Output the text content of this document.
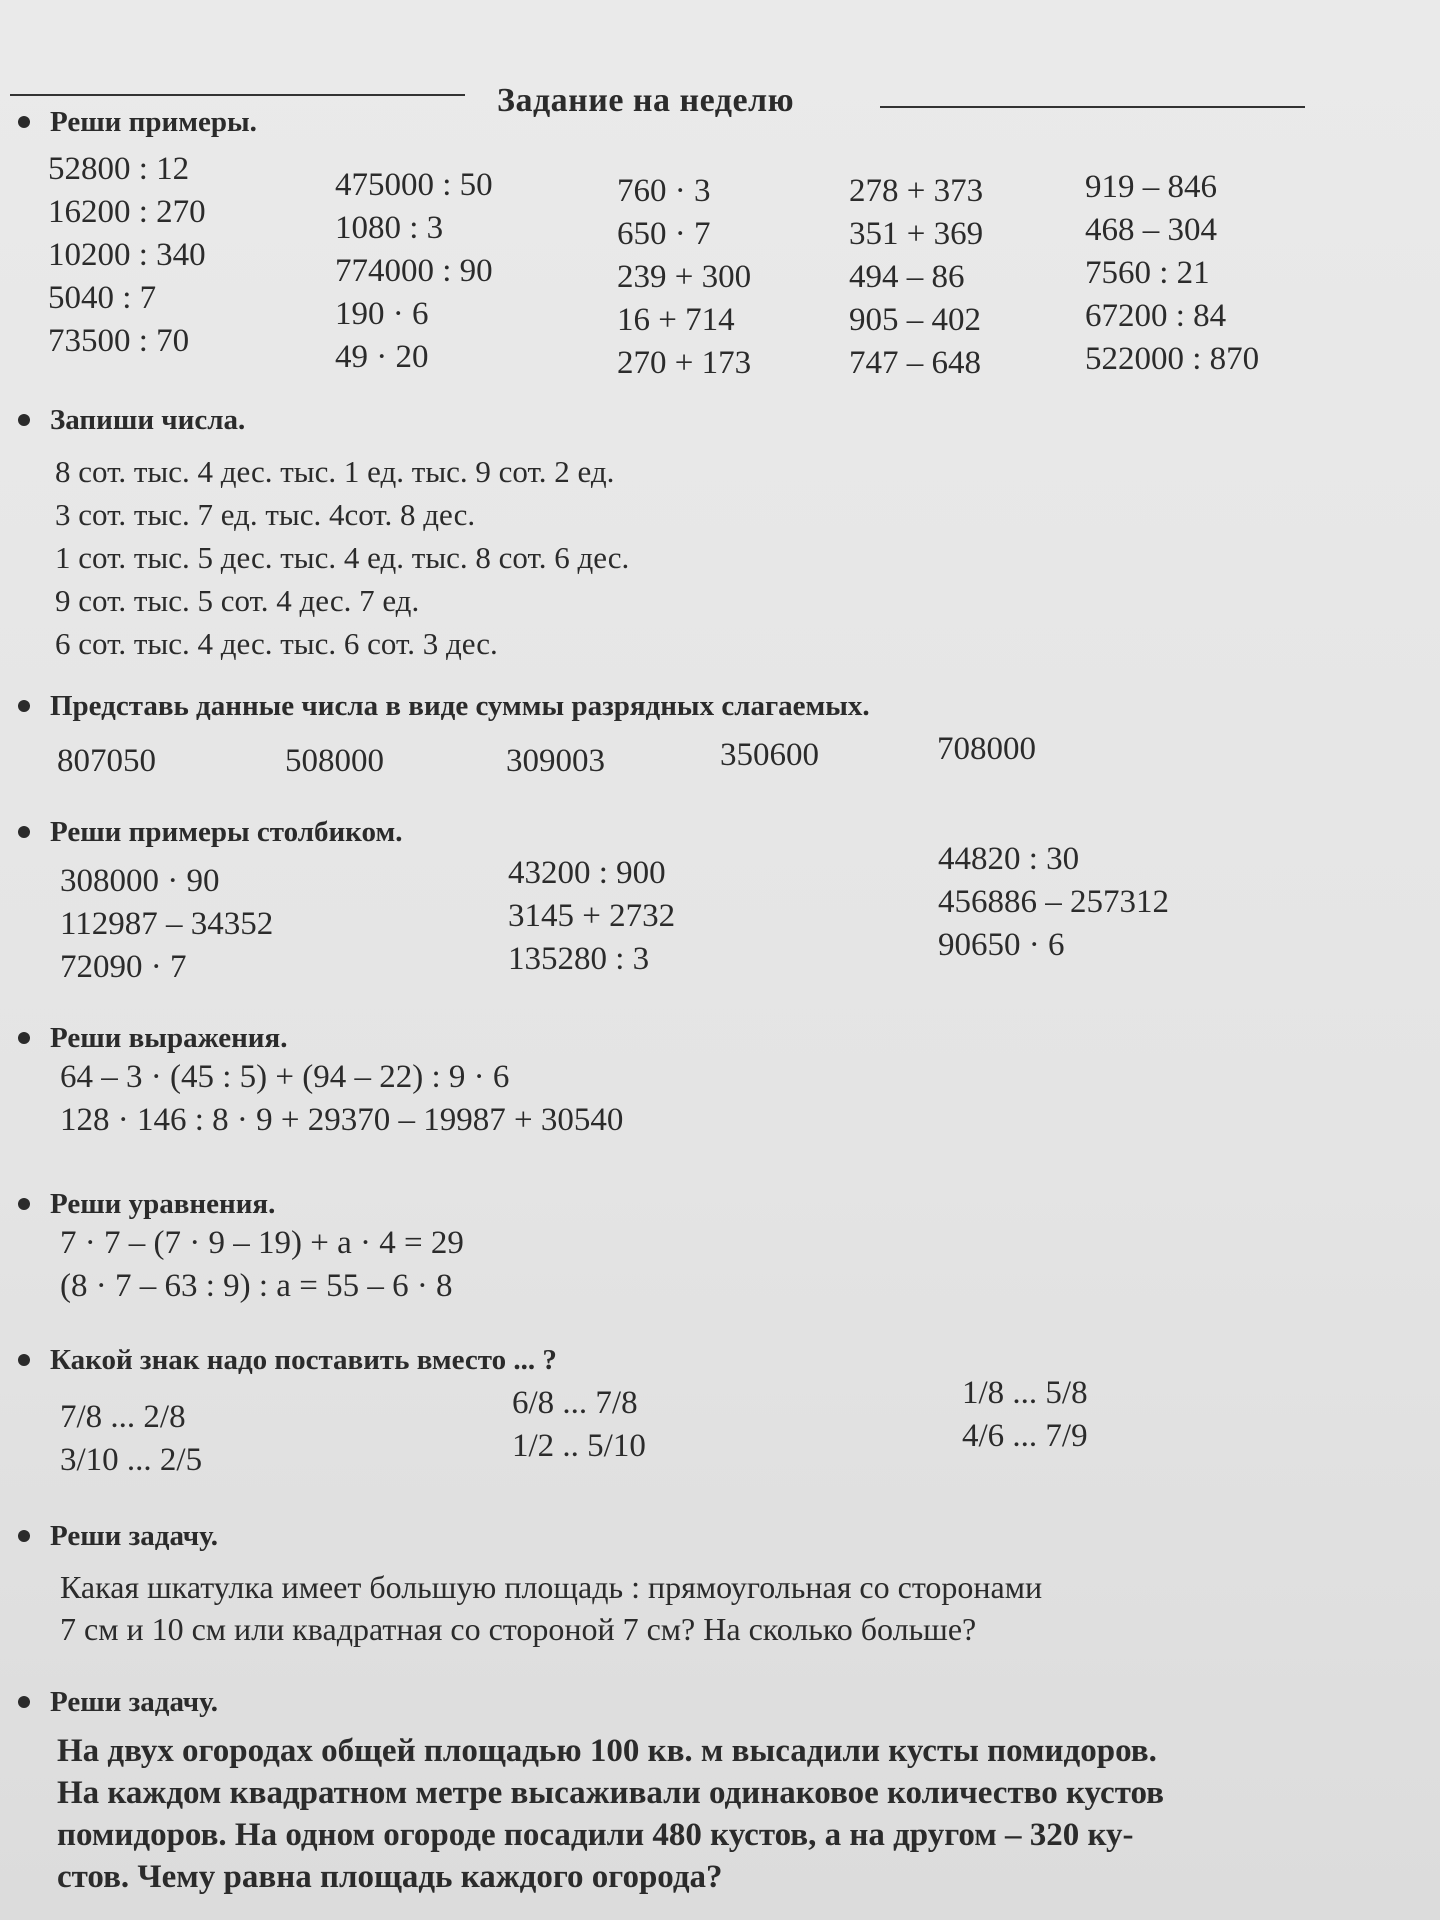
Задание на неделю
Реши примеры.
52800 : 12
16200 : 270
10200 : 340
5040 : 7
73500 : 70
475000 : 50
1080 : 3
774000 : 90
190 · 6
49 · 20
760 · 3
650 · 7
239 + 300
16 + 714
270 + 173
278 + 373
351 + 369
494 – 86
905 – 402
747 – 648
919 – 846
468 – 304
7560 : 21
67200 : 84
522000 : 870
Запиши числа.
8 сот. тыс. 4 дес. тыс. 1 ед. тыс. 9 сот. 2 ед.
3 сот. тыс. 7 ед. тыс. 4сот. 8 дес.
1 сот. тыс. 5 дес. тыс. 4 ед. тыс. 8 сот. 6 дес.
9 сот. тыс. 5 сот. 4 дес. 7 ед.
6 сот. тыс. 4 дес. тыс. 6 сот. 3 дес.
Представь данные числа в виде суммы разрядных слагаемых.
807050	508000	309003	350600	708000
Реши примеры столбиком.
308000 · 90
112987 – 34352
72090 · 7
43200 : 900
3145 + 2732
135280 : 3
44820 : 30
456886 – 257312
90650 · 6
Реши выражения.
64 – 3 · (45 : 5) + (94 – 22) : 9 · 6
128 · 146 : 8 · 9 + 29370 – 19987 + 30540
Реши уравнения.
7 · 7 – (7 · 9 – 19) + а · 4 = 29
(8 · 7 – 63 : 9) : а = 55 – 6 · 8
Какой знак надо поставить вместо ... ?
7/8 ... 2/8
3/10 ... 2/5
6/8 ... 7/8
1/2 .. 5/10
1/8 ... 5/8
4/6 ... 7/9
Реши задачу.
Какая шкатулка имеет большую площадь : прямоугольная со сторонами
7 см и 10 см или квадратная со стороной 7 см? На сколько больше?
Реши задачу.
На двух огородах общей площадью 100 кв. м высадили кусты помидоров.
На каждом квадратном метре высаживали одинаковое количество кустов
помидоров. На одном огороде посадили 480 кустов, а на другом – 320 ку-
стов. Чему равна площадь каждого огорода?
